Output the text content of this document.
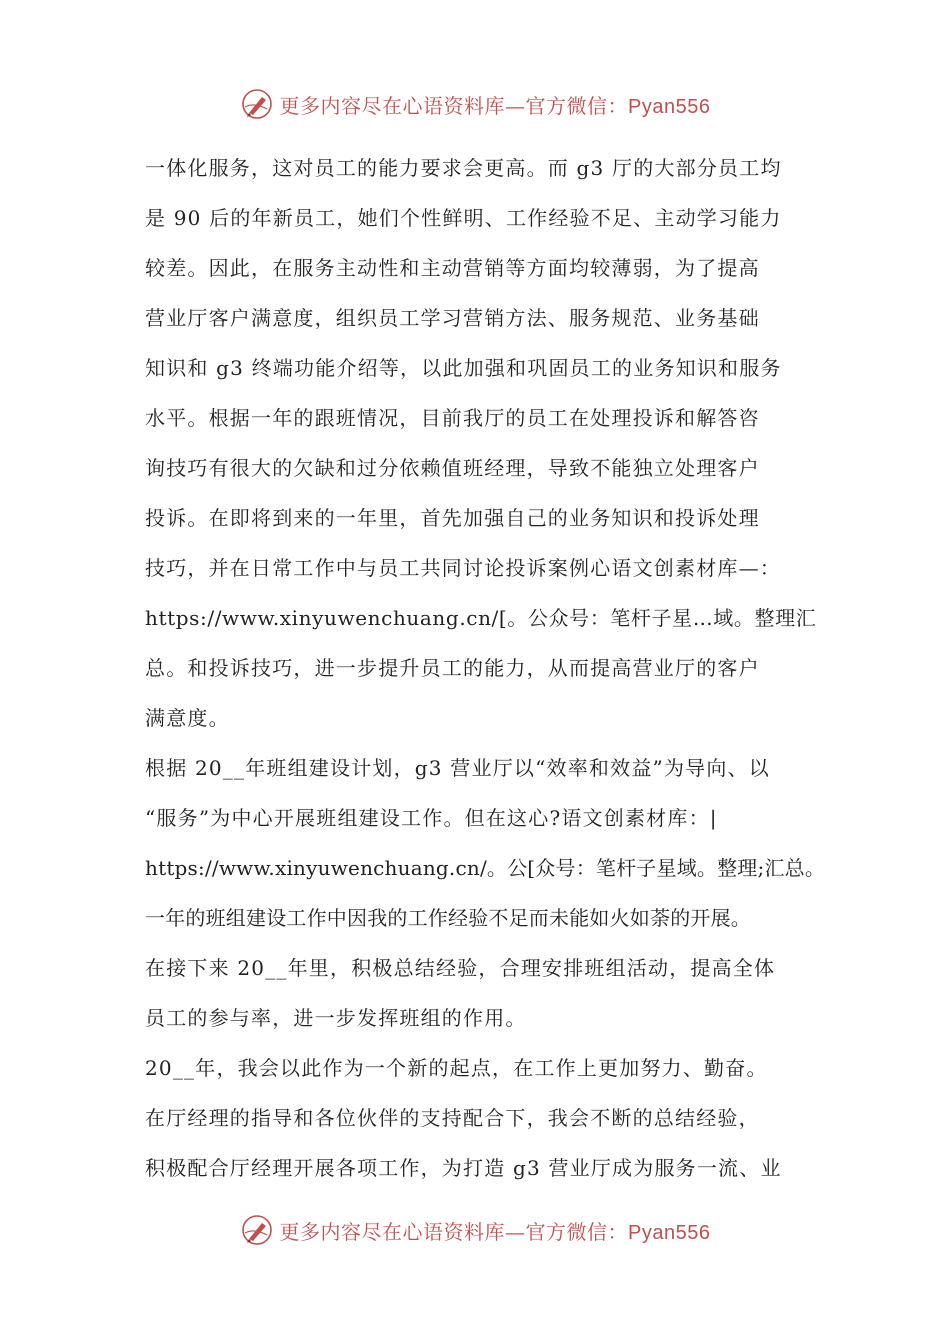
更多内容尽在心语资料库—官方微信：Pyan556
一体化服务，这对员工的能力要求会更高。而 g3 厅的大部分员工均
是 90 后的年新员工，她们个性鲜明、工作经验不足、主动学习能力
较差。因此，在服务主动性和主动营销等方面均较薄弱，为了提高
营业厅客户满意度，组织员工学习营销方法、服务规范、业务基础
知识和 g3 终端功能介绍等，以此加强和巩固员工的业务知识和服务
水平。根据一年的跟班情况，目前我厅的员工在处理投诉和解答咨
询技巧有很大的欠缺和过分依赖值班经理，导致不能独立处理客户
投诉。在即将到来的一年里，首先加强自己的业务知识和投诉处理
技巧，并在日常工作中与员工共同讨论投诉案例心语文创素材库—：
https://www.xinyuwenchuang.cn/[。公众号：笔杆子星…域。整理汇
总。和投诉技巧，进一步提升员工的能力，从而提高营业厅的客户
满意度。
根据 20__年班组建设计划，g3 营业厅以“效率和效益”为导向、以
“服务”为中心开展班组建设工作。但在这心?语文创素材库：|
https://www.xinyuwenchuang.cn/。公[众号：笔杆子星域。整理;汇总。
一年的班组建设工作中因我的工作经验不足而未能如火如荼的开展。
在接下来 20__年里，积极总结经验，合理安排班组活动，提高全体
员工的参与率，进一步发挥班组的作用。
20__年，我会以此作为一个新的起点，在工作上更加努力、勤奋。
在厅经理的指导和各位伙伴的支持配合下，我会不断的总结经验，
积极配合厅经理开展各项工作，为打造 g3 营业厅成为服务一流、业
更多内容尽在心语资料库—官方微信：Pyan556
